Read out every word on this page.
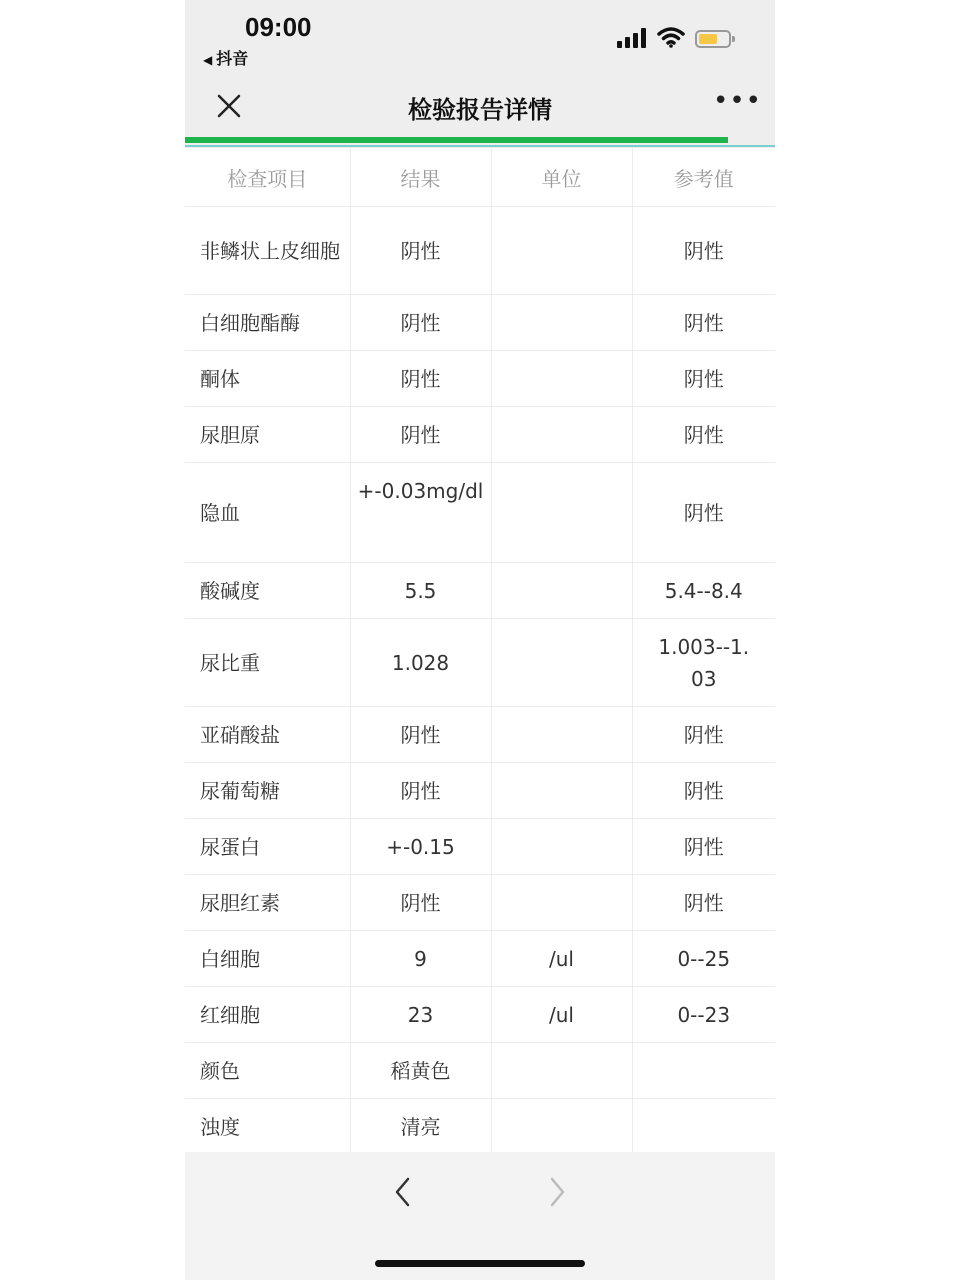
09:00
◀ 抖音
检验报告详情	•••
检查项目	结果	单位	参考值
非鳞状上皮细胞	阴性		阴性
白细胞酯酶	阴性		阴性
酮体	阴性		阴性
尿胆原	阴性		阴性
隐血	+-0.03mg/dl		阴性
酸碱度	5.5		5.4--8.4
尿比重	1.028		1.003--1.03
亚硝酸盐	阴性		阴性
尿葡萄糖	阴性		阴性
尿蛋白	+-0.15		阴性
尿胆红素	阴性		阴性
白细胞	9	/ul	0--25
红细胞	23	/ul	0--23
颜色	稻黄色		
浊度	清亮		
